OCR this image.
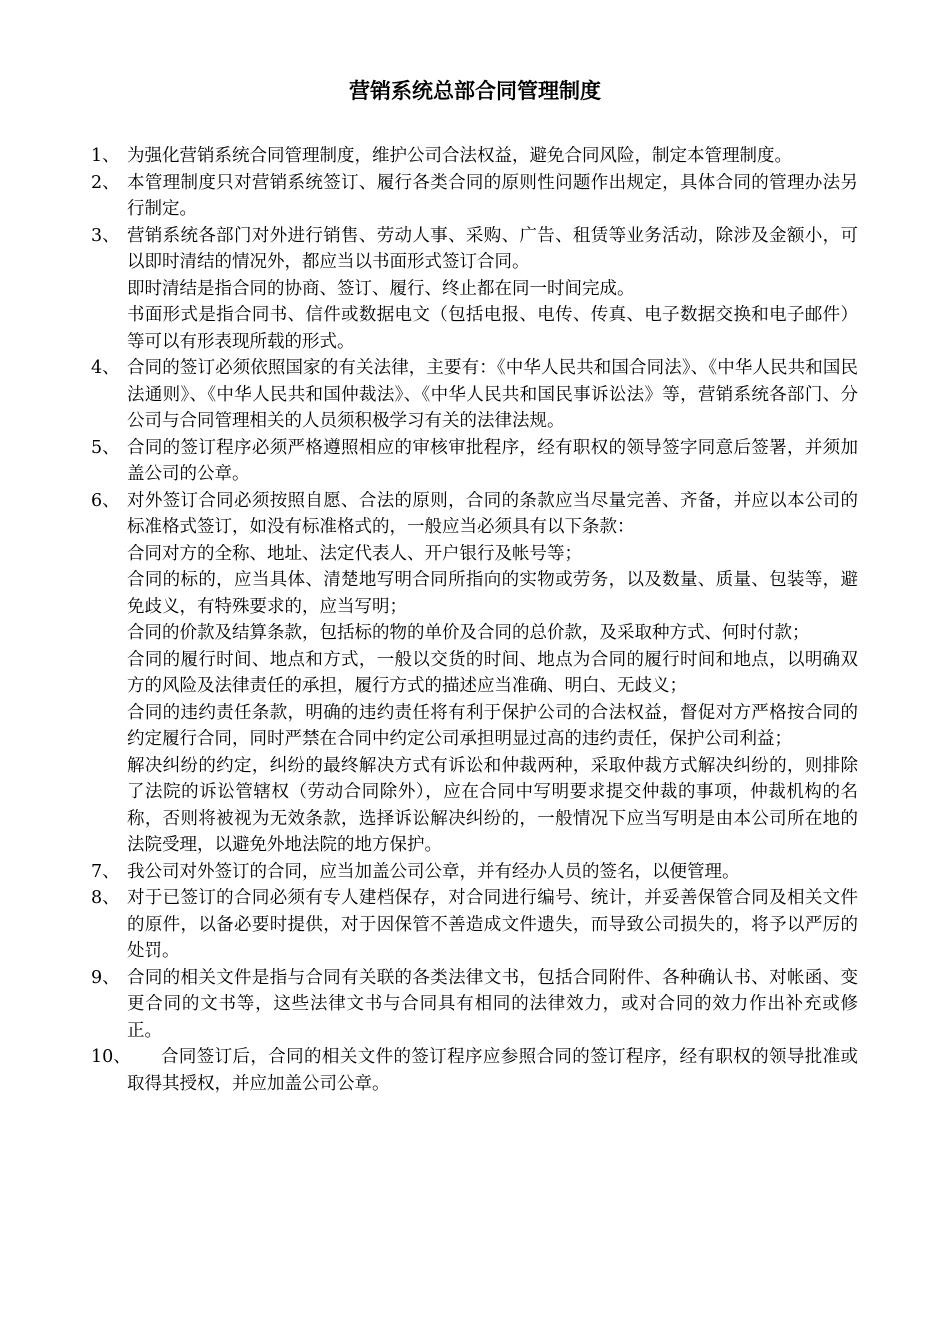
营销系统总部合同管理制度
1、 为强化营销系统合同管理制度，维护公司合法权益，避免合同风险，制定本管理制度。

2、 本管理制度只对营销系统签订、履行各类合同的原则性问题作出规定，具体合同的管理办法另行制定。

3、 营销系统各部门对外进行销售、劳动人事、采购、广告、租赁等业务活动，除涉及金额小，可以即时清结的情况外，都应当以书面形式签订合同。

即时清结是指合同的协商、签订、履行、终止都在同一时间完成。

书面形式是指合同书、信件或数据电文（包括电报、电传、传真、电子数据交换和电子邮件）等可以有形表现所载的形式。

4、 合同的签订必须依照国家的有关法律，主要有：《中华人民共和国合同法》、《中华人民共和国民法通则》、《中华人民共和国仲裁法》、《中华人民共和国民事诉讼法》等，营销系统各部门、分公司与合同管理相关的人员须积极学习有关的法律法规。

5、 合同的签订程序必须严格遵照相应的审核审批程序，经有职权的领导签字同意后签署，并须加盖公司的公章。

6、 对外签订合同必须按照自愿、合法的原则，合同的条款应当尽量完善、齐备，并应以本公司的标准格式签订，如没有标准格式的，一般应当必须具有以下条款：

合同对方的全称、地址、法定代表人、开户银行及帐号等；

合同的标的，应当具体、清楚地写明合同所指向的实物或劳务，以及数量、质量、包装等，避免歧义，有特殊要求的，应当写明；

合同的价款及结算条款，包括标的物的单价及合同的总价款，及采取种方式、何时付款；

合同的履行时间、地点和方式，一般以交货的时间、地点为合同的履行时间和地点，以明确双方的风险及法律责任的承担，履行方式的描述应当准确、明白、无歧义；

合同的违约责任条款，明确的违约责任将有利于保护公司的合法权益，督促对方严格按合同的约定履行合同，同时严禁在合同中约定公司承担明显过高的违约责任，保护公司利益；

解决纠纷的约定，纠纷的最终解决方式有诉讼和仲裁两种，采取仲裁方式解决纠纷的，则排除了法院的诉讼管辖权（劳动合同除外），应在合同中写明要求提交仲裁的事项，仲裁机构的名称，否则将被视为无效条款，选择诉讼解决纠纷的，一般情况下应当写明是由本公司所在地的法院受理，以避免外地法院的地方保护。

7、 我公司对外签订的合同，应当加盖公司公章，并有经办人员的签名，以便管理。

8、 对于已签订的合同必须有专人建档保存，对合同进行编号、统计，并妥善保管合同及相关文件的原件，以备必要时提供，对于因保管不善造成文件遗失，而导致公司损失的，将予以严厉的处罚。

9、 合同的相关文件是指与合同有关联的各类法律文书，包括合同附件、各种确认书、对帐函、变更合同的文书等，这些法律文书与合同具有相同的法律效力，或对合同的效力作出补充或修正。

10、	合同签订后，合同的相关文件的签订程序应参照合同的签订程序，经有职权的领导批准或取得其授权，并应加盖公司公章。
